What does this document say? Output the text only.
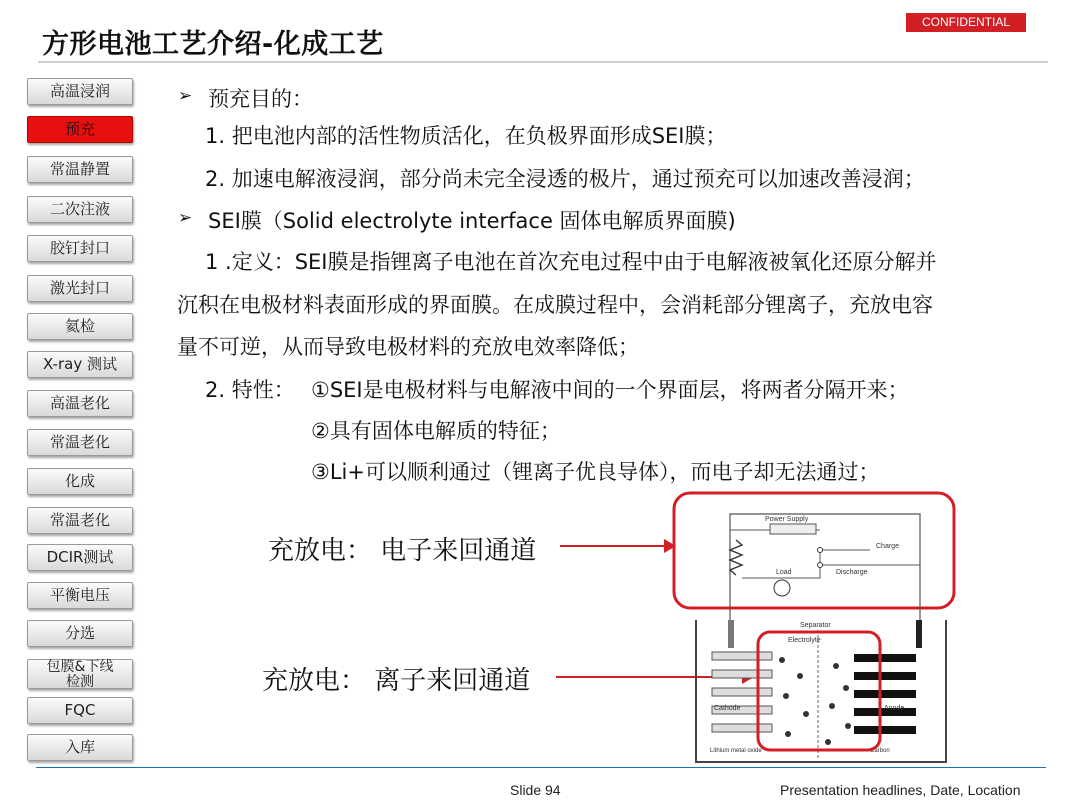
方形电池工艺介绍-化成工艺
CONFIDENTIAL
高温浸润
预充
常温静置
二次注液
胶钉封口
激光封口
氦检
X-ray 测试
高温老化
常温老化
化成
常温老化
DCIR测试
平衡电压
分选
包膜&下线
检测
FQC
入库
➢ 预充目的：
1. 把电池内部的活性物质活化，在负极界面形成SEI膜；
2. 加速电解液浸润，部分尚未完全浸透的极片，通过预充可以加速改善浸润；
➢ SEI膜（Solid electrolyte interface 固体电解质界面膜)
1 .定义：SEI膜是指锂离子电池在首次充电过程中由于电解液被氧化还原分解并
沉积在电极材料表面形成的界面膜。在成膜过程中，会消耗部分锂离子，充放电容
量不可逆，从而导致电极材料的充放电效率降低；
2. 特性： ①SEI是电极材料与电解液中间的一个界面层，将两者分隔开来；
②具有固体电解质的特征；
③Li+可以顺利通过（锂离子优良导体），而电子却无法通过；
充放电： 电子来回通道
充放电： 离子来回通道
Power Supply
Load
Charge
Discharge
Separator
Cathode
Lithium metal oxide
Anode
Carbon
Electrolyte
Slide 94	Presentation headlines, Date, Location
